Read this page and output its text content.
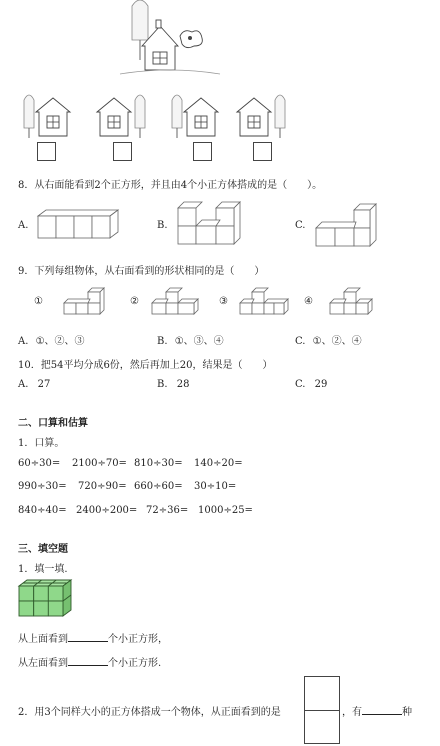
8．从右面能看到2个正方形，并且由4个小正方体搭成的是（　　）。
A.	B.	C.
9．下列每组物体，从右面看到的形状相同的是（　　）
①	②	③	④
A. ①、②、③	B. ①、③、④	C. ①、②、④
10．把54平均分成6份，然后再加上20，结果是（　　）
A. 27	B. 28	C. 29
二、口算和估算
1．口算。
60÷30= 2100÷70= 810÷30= 140÷20=
990÷30= 720÷90= 660÷60= 30÷10=
840÷40= 2400÷200= 72÷36= 1000÷25=
三、填空题
1．填一填.
从上面看到	个小正方形，
从左面看到	个小正方形.
2．用3个同样大小的正方体搭成一个物体，从正面看到的是	，有	种
